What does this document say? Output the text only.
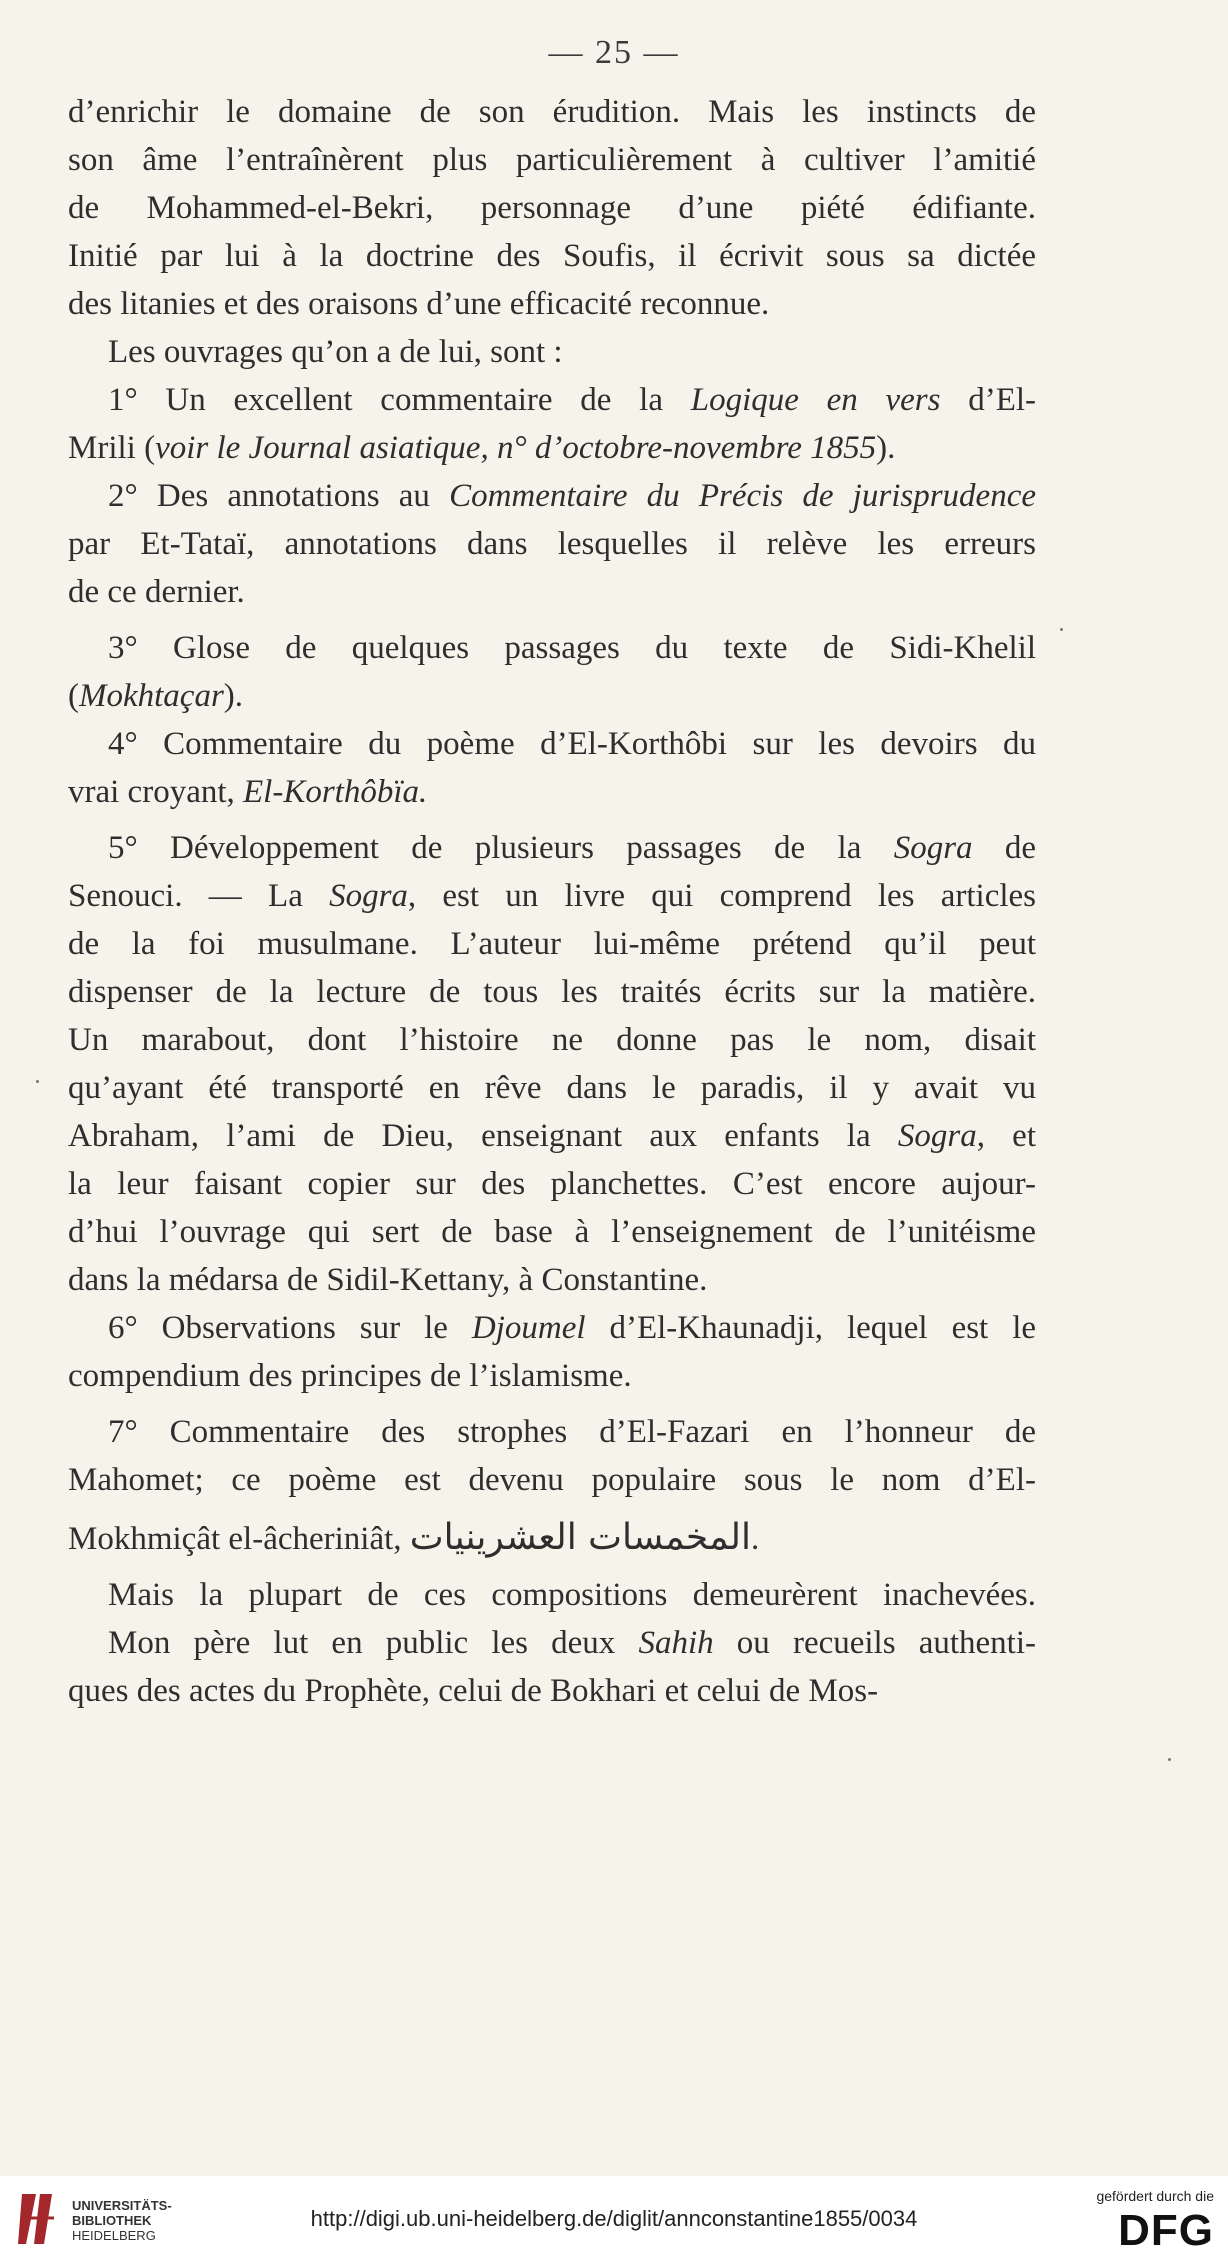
— 25 —

d’enrichir le domaine de son érudition. Mais les instincts de

son âme l’entraînèrent plus particulièrement à cultiver l’amitié

de Mohammed-el-Bekri, personnage d’une piété édifiante.

Initié par lui à la doctrine des Soufis, il écrivit sous sa dictée

des litanies et des oraisons d’une efficacité reconnue.

Les ouvrages qu’on a de lui, sont :

1° Un excellent commentaire de la Logique en vers d’El-

Mrili (voir le Journal asiatique, n° d’octobre-novembre 1855).

2° Des annotations au Commentaire du Précis de jurisprudence

par Et-Tataï, annotations dans lesquelles il relève les erreurs

de ce dernier.

3° Glose de quelques passages du texte de Sidi-Khelil

(Mokhtaçar).

4° Commentaire du poème d’El-Korthôbi sur les devoirs du

vrai croyant, El-Korthôbïa.

5° Développement de plusieurs passages de la Sogra de

Senouci. — La Sogra, est un livre qui comprend les articles

de la foi musulmane. L’auteur lui-même prétend qu’il peut

dispenser de la lecture de tous les traités écrits sur la matière.

Un marabout, dont l’histoire ne donne pas le nom, disait

qu’ayant été transporté en rêve dans le paradis, il y avait vu

Abraham, l’ami de Dieu, enseignant aux enfants la Sogra, et

la leur faisant copier sur des planchettes. C’est encore aujour-

d’hui l’ouvrage qui sert de base à l’enseignement de l’unitéisme

dans la médarsa de Sidil-Kettany, à Constantine.

6° Observations sur le Djoumel d’El-Khaunadji, lequel est le

compendium des principes de l’islamisme.

7° Commentaire des strophes d’El-Fazari en l’honneur de

Mahomet; ce poème est devenu populaire sous le nom d’El-

Mokhmiçât el-âcheriniât, المخمسات العشرينيات.

Mais la plupart de ces compositions demeurèrent inachevées.

Mon père lut en public les deux Sahih ou recueils authenti-

ques des actes du Prophète, celui de Bokhari et celui de Mos-

UNIVERSITÄTS-
BIBLIOTHEK
HEIDELBERG
http://digi.ub.uni-heidelberg.de/diglit/annconstantine1855/0034
gefördert durch die
DFG
